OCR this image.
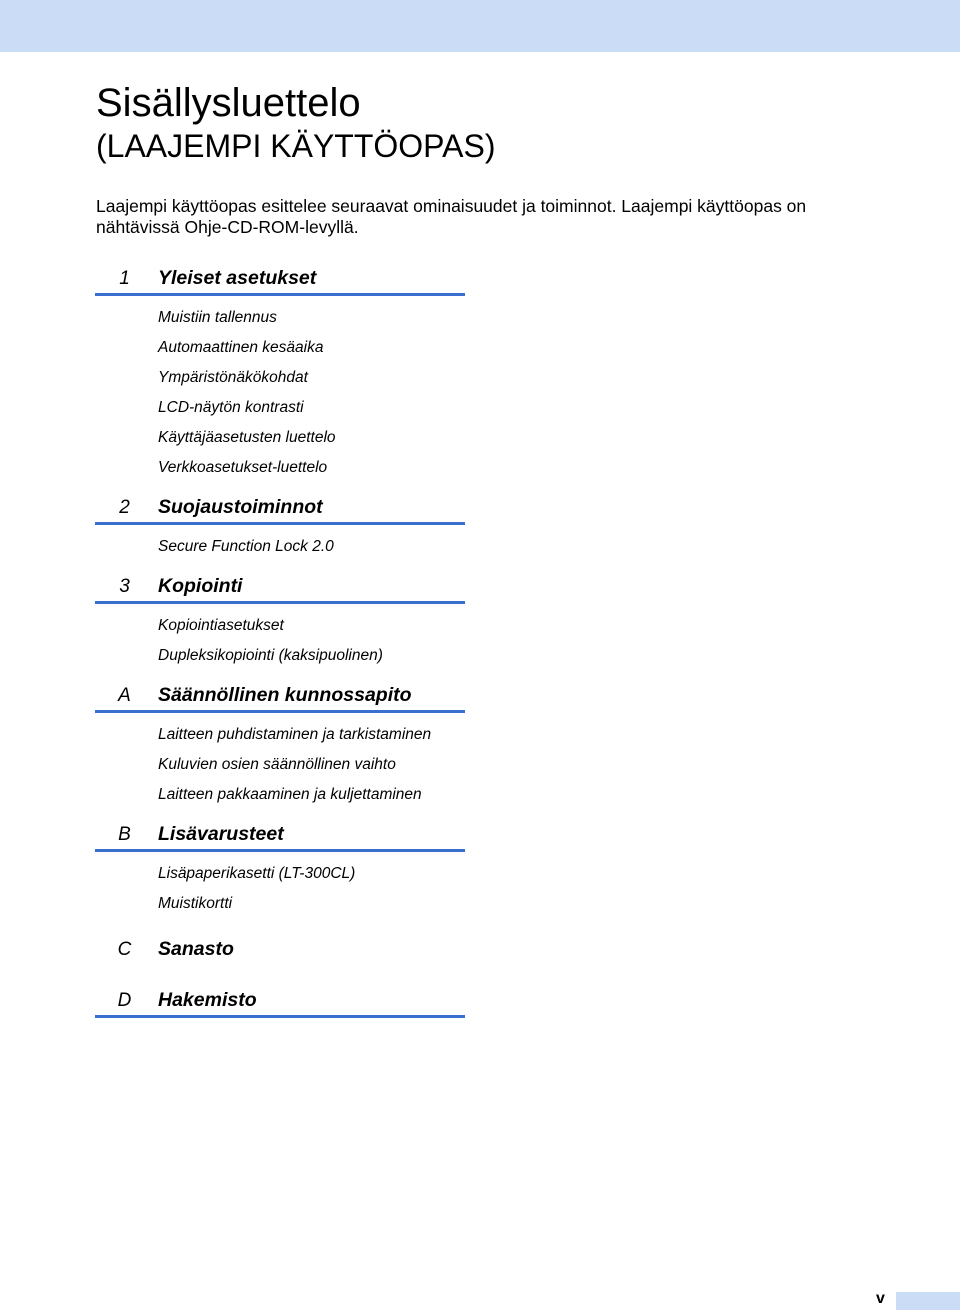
Sisällysluettelo
(LAAJEMPI KÄYTTÖOPAS)

Laajempi käyttöopas esittelee seuraavat ominaisuudet ja toiminnot. Laajempi käyttöopas on nähtävissä Ohje-CD-ROM-levyllä.

1	Yleiset asetukset
Muistiin tallennus
Automaattinen kesäaika
Ympäristönäkökohdat
LCD-näytön kontrasti
Käyttäjäasetusten luettelo
Verkkoasetukset-luettelo
2	Suojaustoiminnot
Secure Function Lock 2.0
3	Kopiointi
Kopiointiasetukset
Dupleksikopiointi (kaksipuolinen)
A	Säännöllinen kunnossapito
Laitteen puhdistaminen ja tarkistaminen
Kuluvien osien säännöllinen vaihto
Laitteen pakkaaminen ja kuljettaminen
B	Lisävarusteet
Lisäpaperikasetti (LT-300CL)
Muistikortti
C	Sanasto
D	Hakemisto
v
